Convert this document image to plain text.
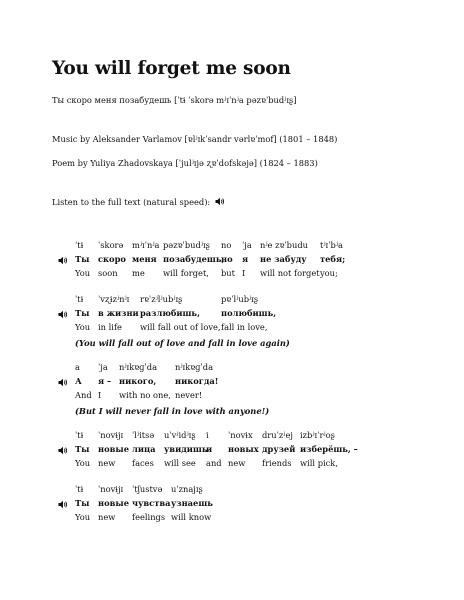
You will forget me soon
Ты скоро меня позабудешь [ˈtɨ ˈskorə mʲɪˈnʲa pəzɐˈbudʲɪʂ]
Music by Aleksander Varlamov [ɐlʲɪkˈsandr vərlɐˈmof] (1801 – 1848)
Poem by Yuliya Zhadovskaya [ˈjulʲɪjə ʐɐˈdofskəjə] (1824 – 1883)
Listen to the full text (natural speed):
ˈtɨ
Ты
You
ˈskorə
скоро
soon
mʲɪˈnʲa
меня
me
pəzɐˈbudʲɪʂ
позабудешь,
will forget,
no
но
but
ˈja
я
I
nʲe zɐˈbudu
не забуду
will not forget
tʲɪˈbʲa
тебя;
you;
ˈtɨ
Ты
You
ˈvʐɨzʲnʲɪ
в жизни
in life
rɐˈzʲlʲubʲɪʂ
разлюбишь,
will fall out of love,
pɐˈlʲubʲɪʂ
полюбишь,
fall in love,
(You will fall out of love and fall in love again)
a
А
And
ˈja
я –
I
nʲɪkɐɡˈda
никого,
with no one,
nʲɪkɐɡˈda
никогда!
never!
(But I will never fall in love with anyone!)
ˈtɨ
Ты
You
ˈnovɨjɪ
новые
new
ˈlʲitsə
лица
faces
uˈvʲidʲɪʂ
увидишь
will see
i
и
and
ˈnovɨx
новых
new
druˈzʲej
друзей
friends
izbʲɪˈrʲoʂ
изберёшь, –
will pick,
ˈtɨ
Ты
You
ˈnovɨjɪ
новые
new
ˈtʃustvə
чувства
feelings
uˈznajɪʂ
узнаешь
will know
